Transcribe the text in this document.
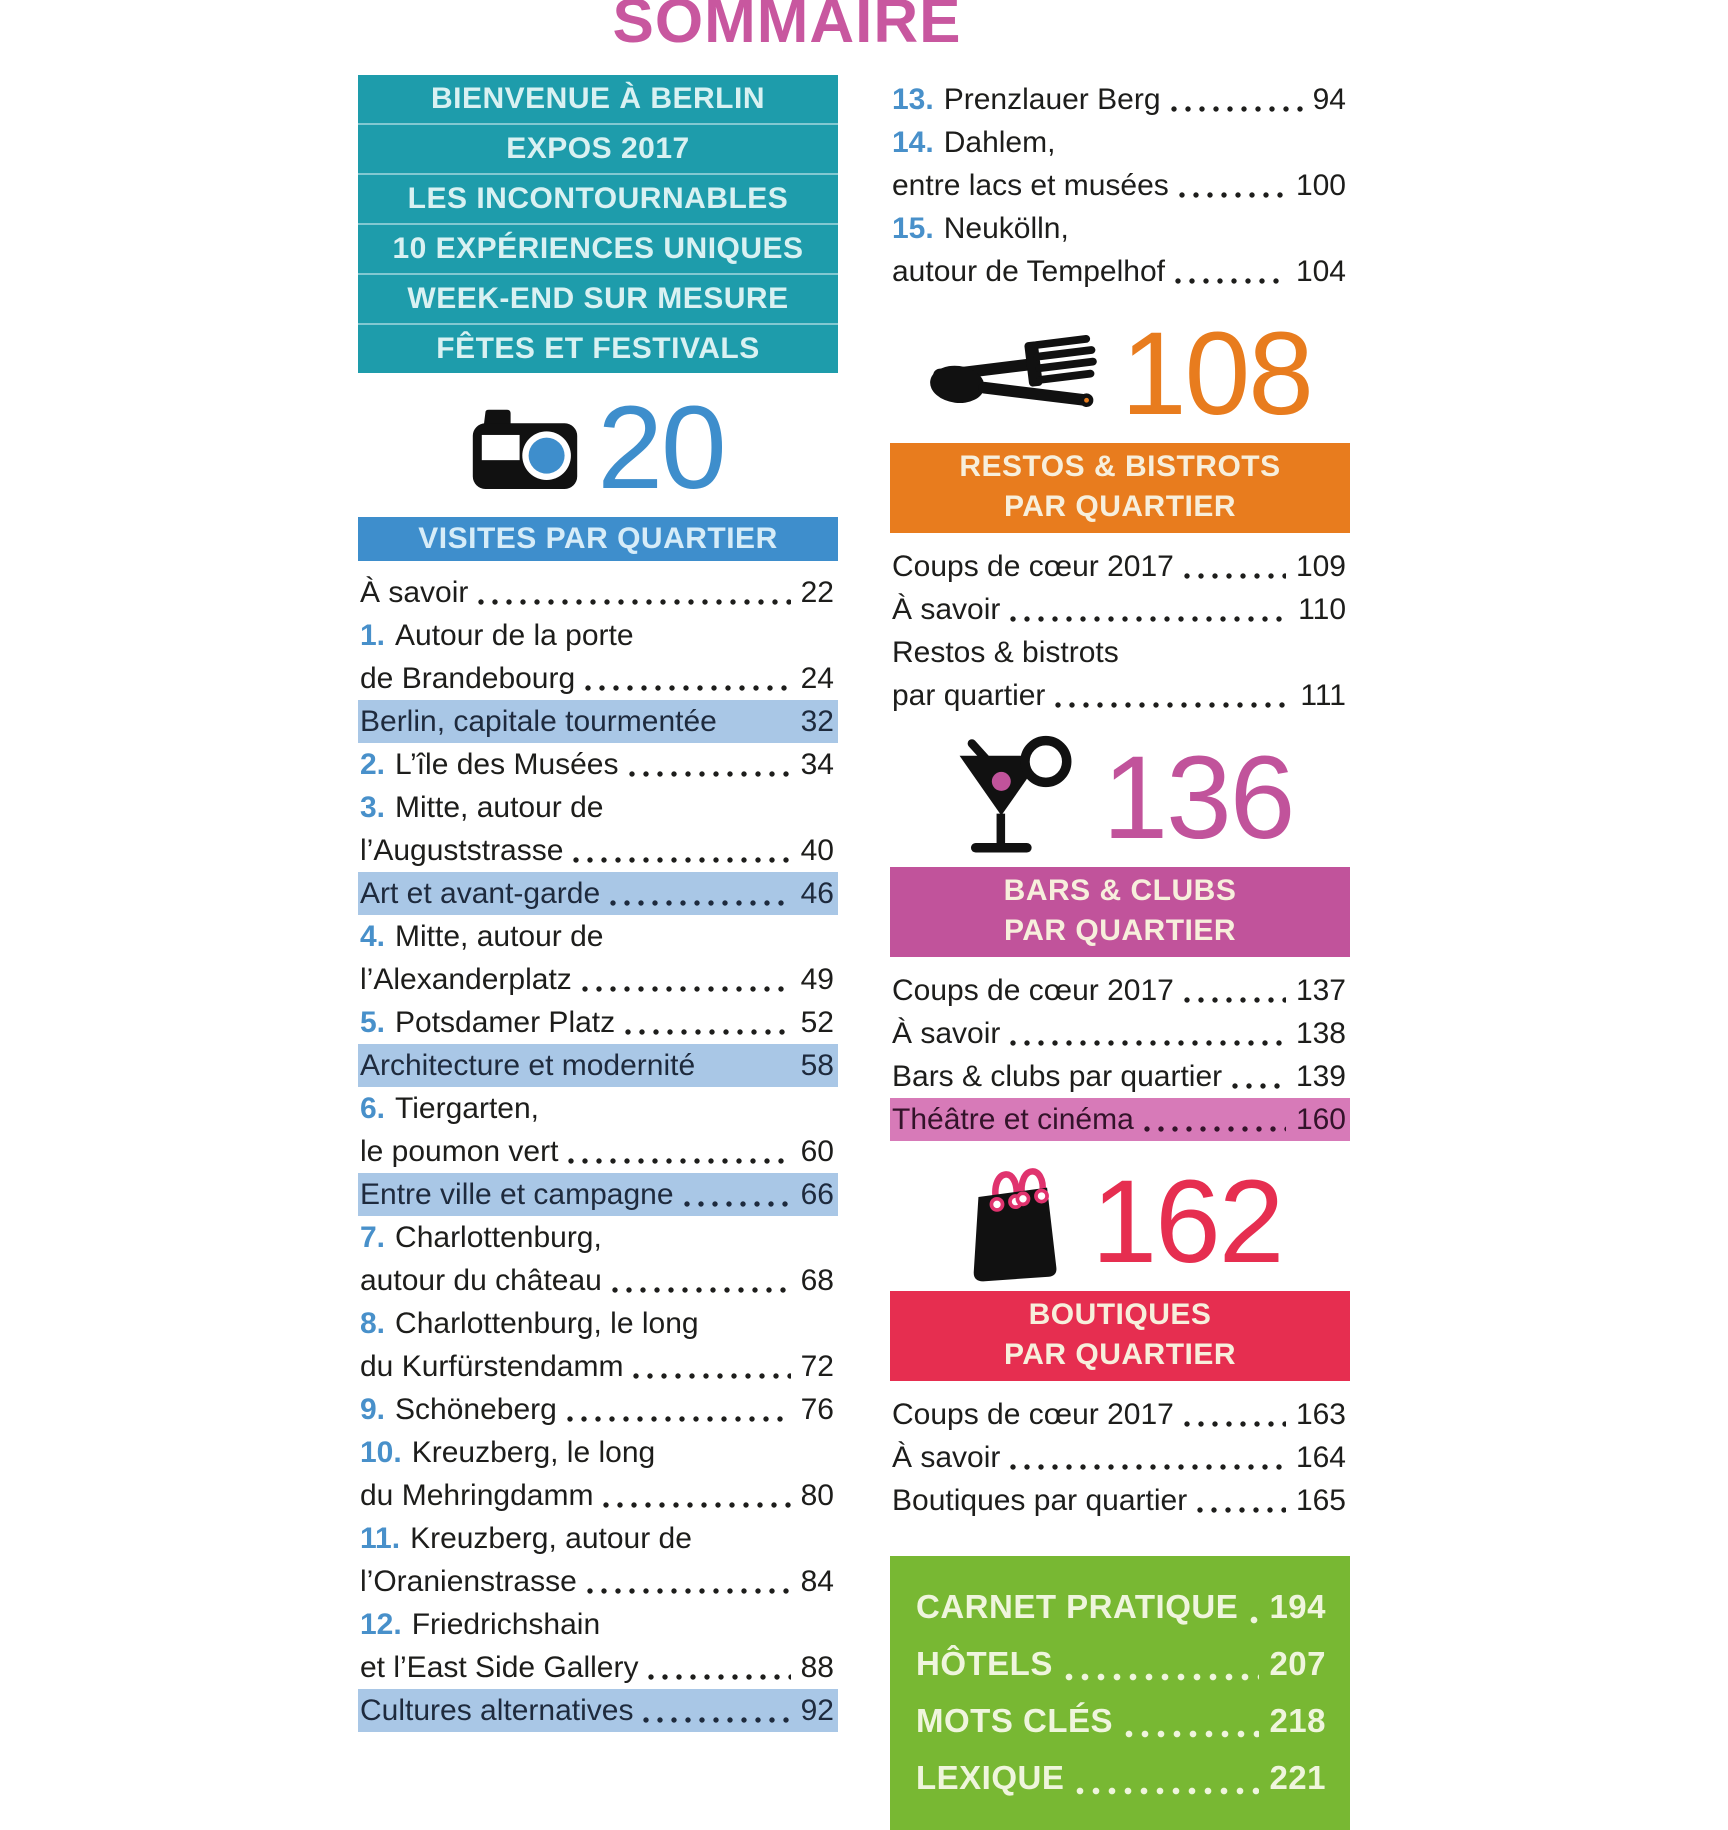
SOMMAIRE
BIENVENUE À BERLIN
EXPOS 2017
LES INCONTOURNABLES
10 EXPÉRIENCES UNIQUES
WEEK-END SUR MESURE
FÊTES ET FESTIVALS
20
VISITES PAR QUARTIER
À savoir	22
1. Autour de la porte
de Brandebourg	24
Berlin, capitale tourmentée	32
2. L’île des Musées	34
3. Mitte, autour de
l’Auguststrasse	40
Art et avant-garde	46
4. Mitte, autour de
l’Alexanderplatz	49
5. Potsdamer Platz	52
Architecture et modernité	58
6. Tiergarten,
le poumon vert	60
Entre ville et campagne	66
7. Charlottenburg,
autour du château	68
8. Charlottenburg, le long
du Kurfürstendamm	72
9. Schöneberg	76
10. Kreuzberg, le long
du Mehringdamm	80
11. Kreuzberg, autour de
l’Oranienstrasse	84
12. Friedrichshain
et l’East Side Gallery	88
Cultures alternatives	92
13. Prenzlauer Berg	94
14. Dahlem,
entre lacs et musées	100
15. Neukölln,
autour de Tempelhof	104
108
RESTOS & BISTROTS
PAR QUARTIER
Coups de cœur 2017	109
À savoir	110
Restos & bistrots
par quartier	111
136
BARS & CLUBS
PAR QUARTIER
Coups de cœur 2017	137
À savoir	138
Bars & clubs par quartier 139
Théâtre et cinéma	160
162
BOUTIQUES
PAR QUARTIER
Coups de cœur 2017	163
À savoir	164
Boutiques par quartier	165
CARNET PRATIQUE 194
HÔTELS	207
MOTS CLÉS	218
LEXIQUE	221
